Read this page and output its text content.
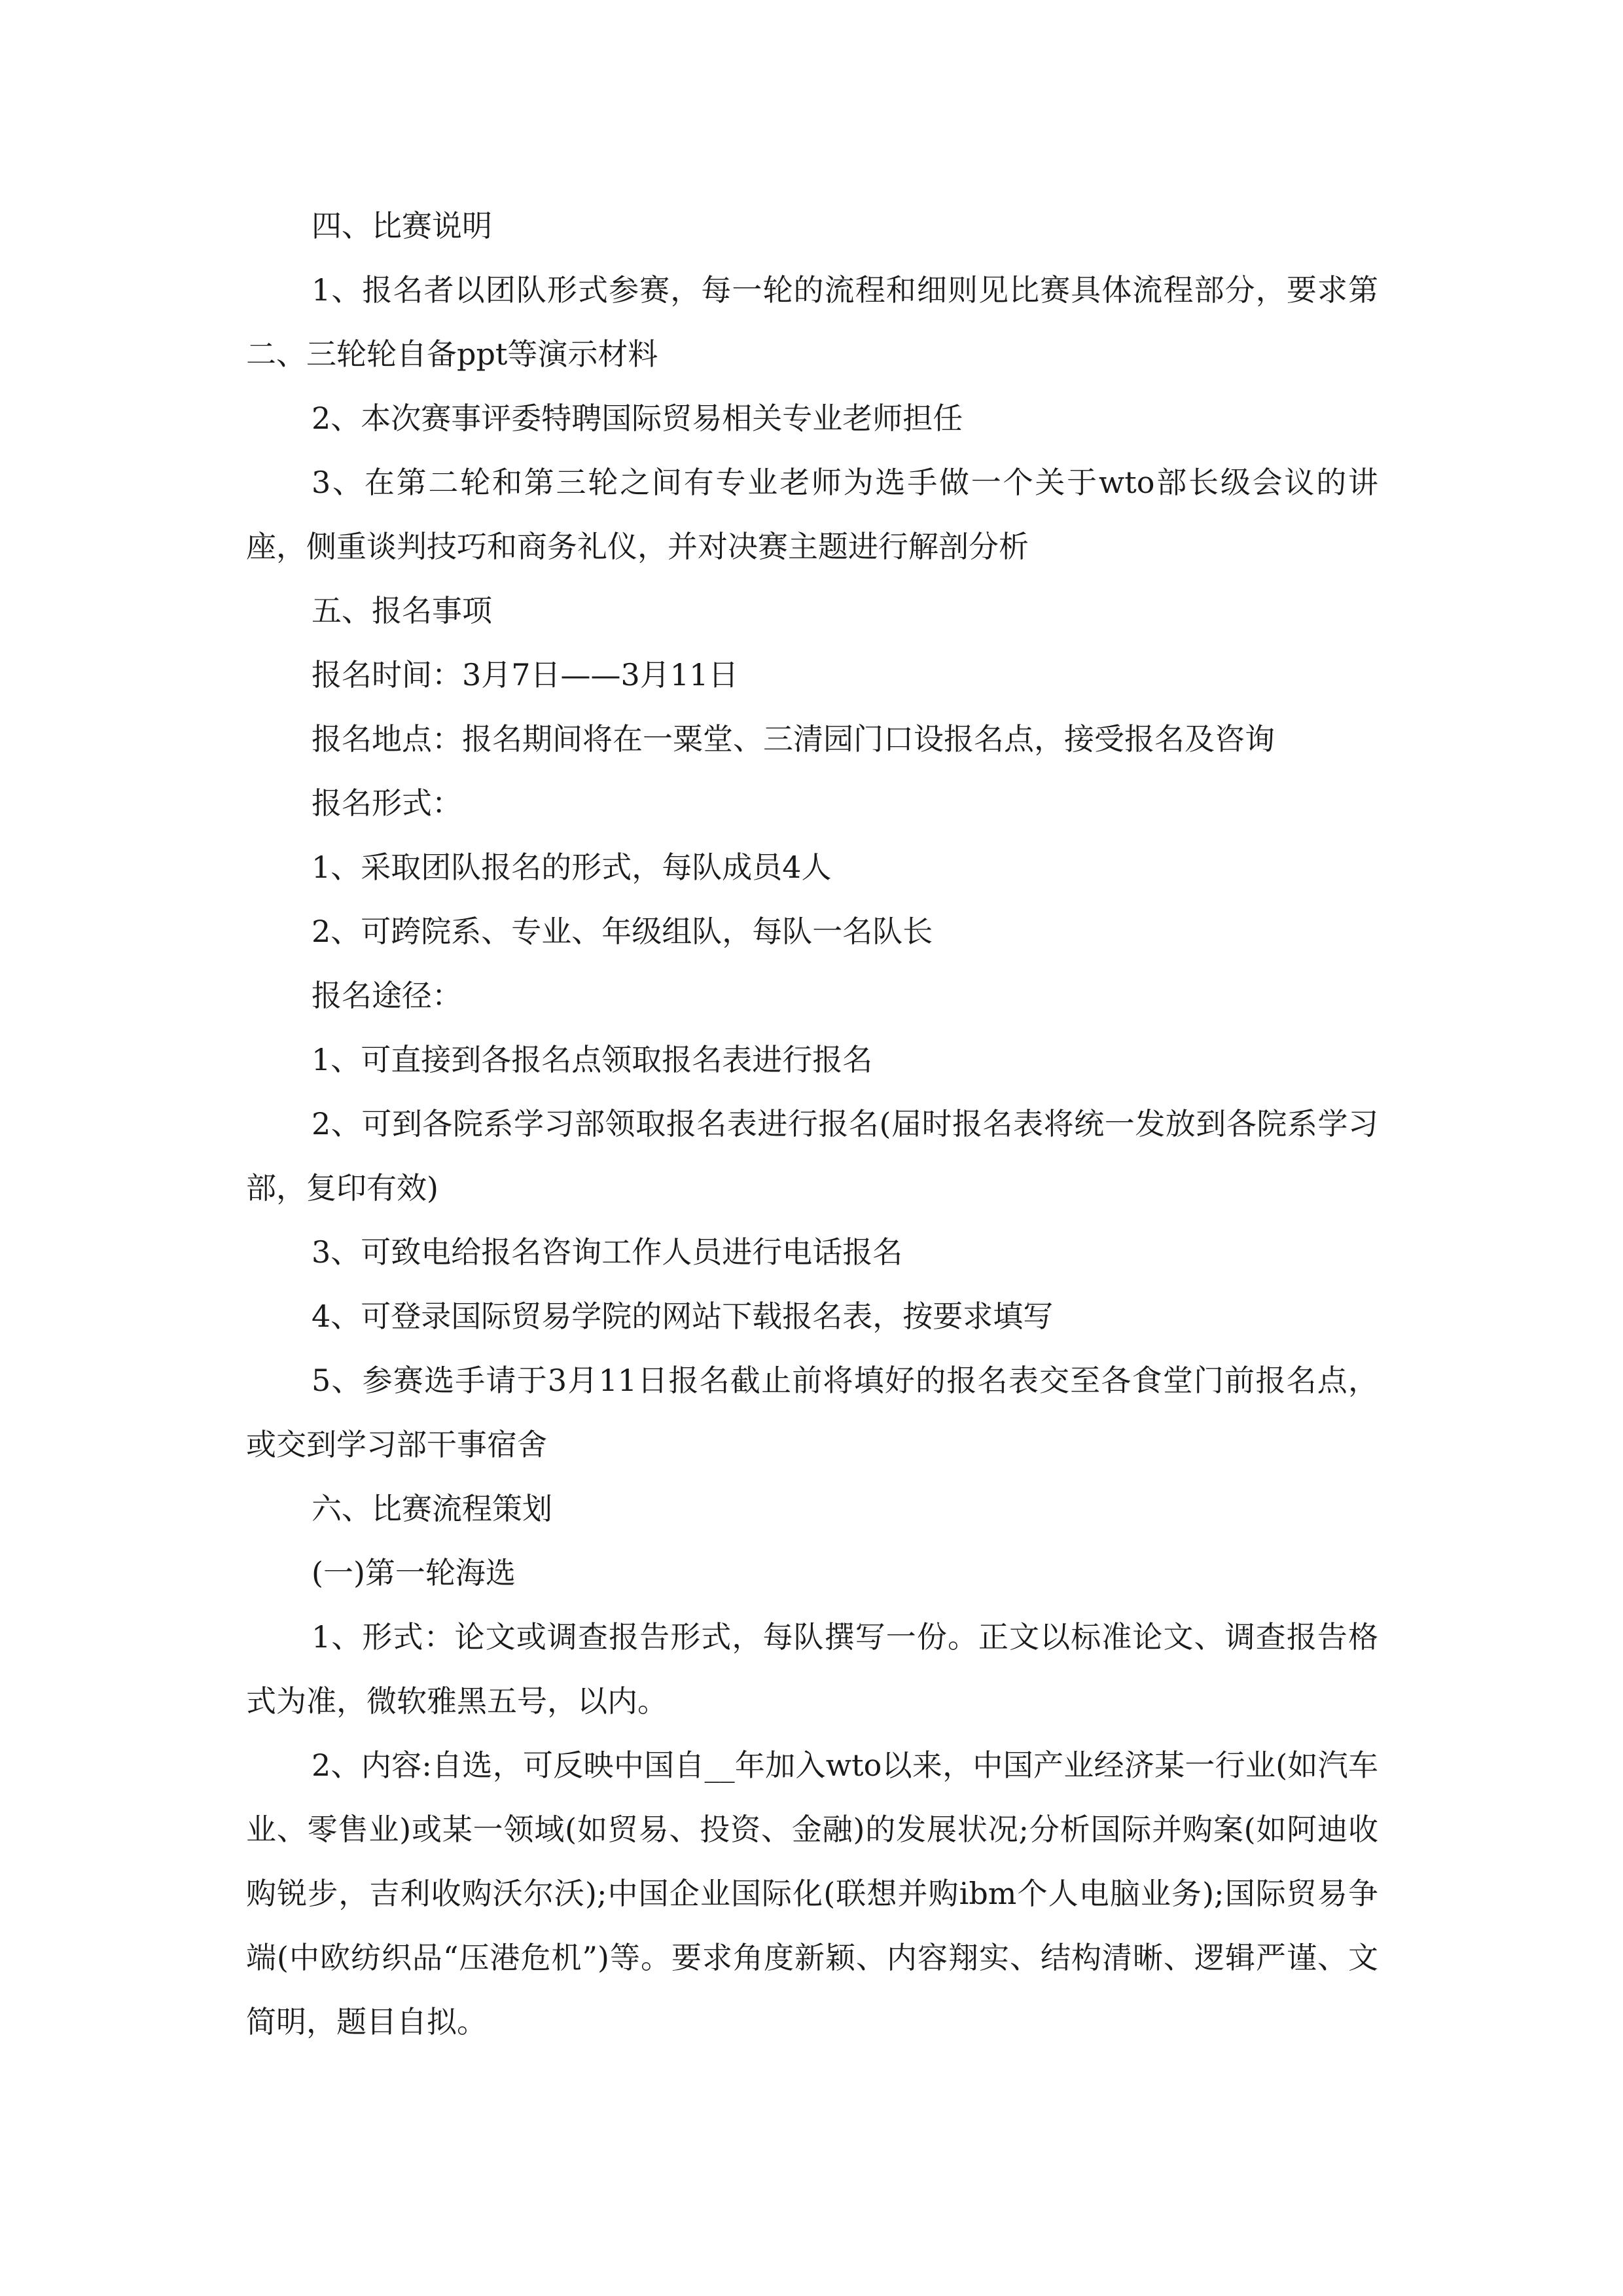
四、比赛说明

1、报名者以团队形式参赛，每一轮的流程和细则见比赛具体流程部分，要求第二、三轮轮自备ppt等演示材料

2、本次赛事评委特聘国际贸易相关专业老师担任

3、在第二轮和第三轮之间有专业老师为选手做一个关于wto部长级会议的讲座，侧重谈判技巧和商务礼仪，并对决赛主题进行解剖分析

五、报名事项

报名时间：3月7日——3月11日

报名地点：报名期间将在一粟堂、三清园门口设报名点，接受报名及咨询

报名形式：

1、采取团队报名的形式，每队成员4人

2、可跨院系、专业、年级组队，每队一名队长

报名途径：

1、可直接到各报名点领取报名表进行报名

2、可到各院系学习部领取报名表进行报名(届时报名表将统一发放到各院系学习部，复印有效)

3、可致电给报名咨询工作人员进行电话报名

4、可登录国际贸易学院的网站下载报名表，按要求填写

5、参赛选手请于3月11日报名截止前将填好的报名表交至各食堂门前报名点，或交到学习部干事宿舍

六、比赛流程策划

(一)第一轮海选

1、形式：论文或调查报告形式，每队撰写一份。正文以标准论文、调查报告格式为准，微软雅黑五号，以内。

2、内容:自选，可反映中国自__年加入wto以来，中国产业经济某一行业(如汽车业、零售业)或某一领域(如贸易、投资、金融)的发展状况;分析国际并购案(如阿迪收购锐步，吉利收购沃尔沃);中国企业国际化(联想并购ibm个人电脑业务);国际贸易争端(中欧纺织品“压港危机”)等。要求角度新颖、内容翔实、结构清晰、逻辑严谨、文简明，题目自拟。
